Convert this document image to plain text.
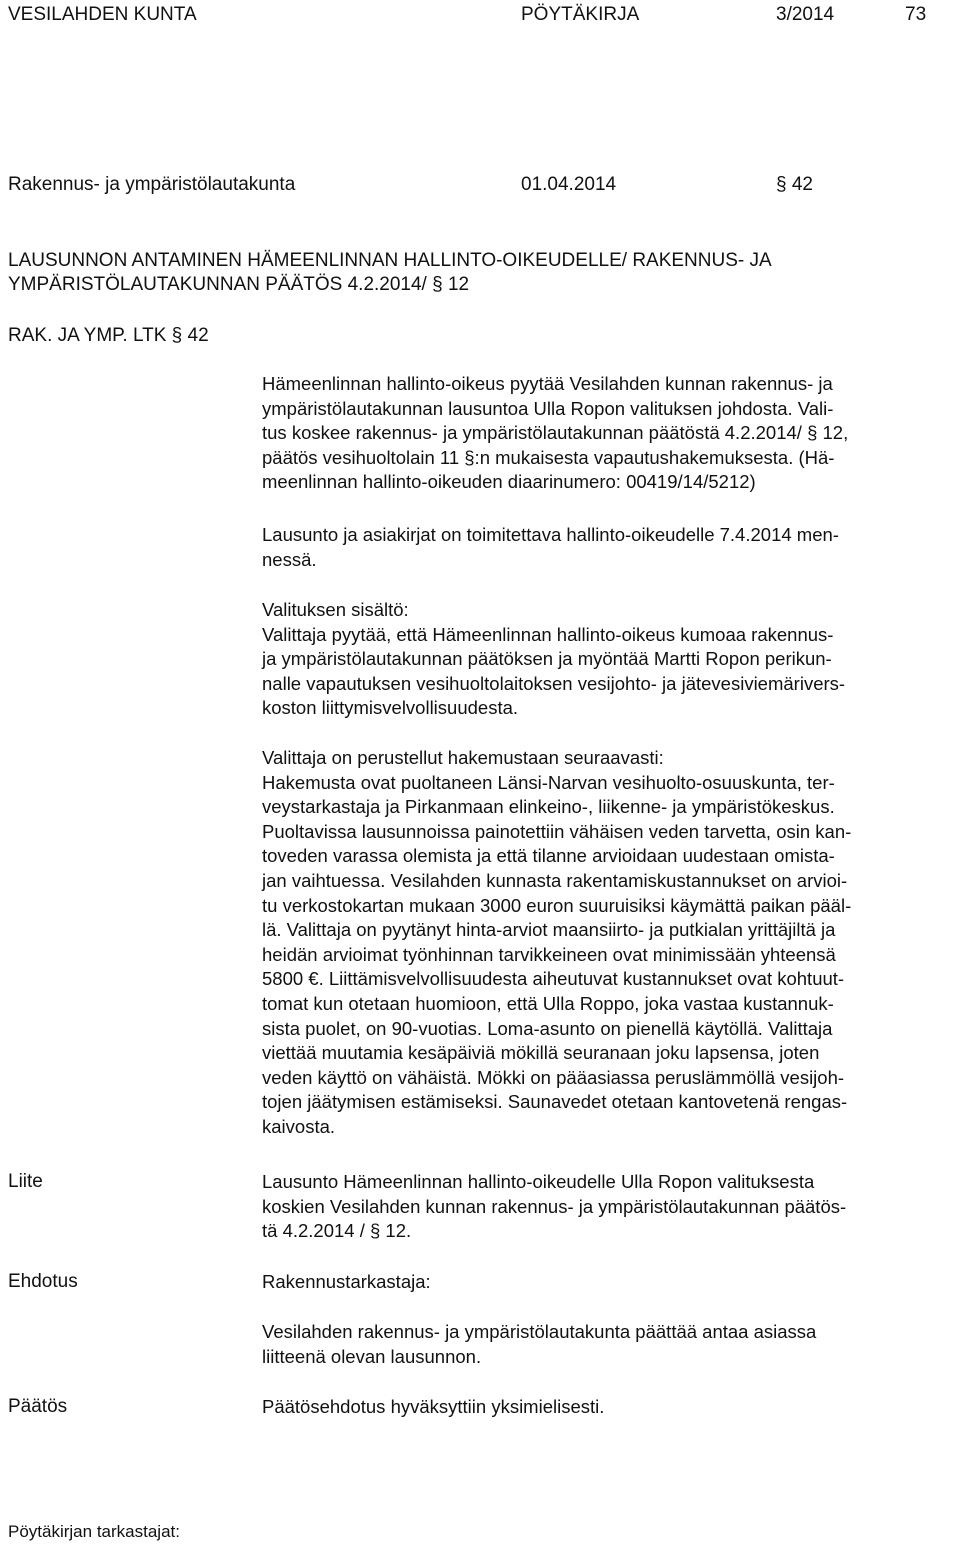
VESILAHDEN KUNTA	PÖYTÄKIRJA	3/2014	73
Rakennus- ja ympäristölautakunta	01.04.2014	§ 42
LAUSUNNON ANTAMINEN HÄMEENLINNAN HALLINTO-OIKEUDELLE/ RAKENNUS- JA
YMPÄRISTÖLAUTAKUNNAN PÄÄTÖS 4.2.2014/ § 12
RAK. JA YMP. LTK § 42

Hämeenlinnan hallinto-oikeus pyytää Vesilahden kunnan rakennus- ja

ympäristölautakunnan lausuntoa Ulla Ropon valituksen johdosta. Vali-

tus koskee rakennus- ja ympäristölautakunnan päätöstä 4.2.2014/ § 12,

päätös vesihuoltolain 11 §:n mukaisesta vapautushakemuksesta. (Hä-

meenlinnan hallinto-oikeuden diaarinumero: 00419/14/5212)

Lausunto ja asiakirjat on toimitettava hallinto-oikeudelle 7.4.2014 men-

nessä.

Valituksen sisältö:

Valittaja pyytää, että Hämeenlinnan hallinto-oikeus kumoaa rakennus-

ja ympäristölautakunnan päätöksen ja myöntää Martti Ropon perikun-

nalle vapautuksen vesihuoltolaitoksen vesijohto- ja jätevesiviemärivers-

koston liittymisvelvollisuudesta.

Valittaja on perustellut hakemustaan seuraavasti:

Hakemusta ovat puoltaneen Länsi-Narvan vesihuolto-osuuskunta, ter-

veystarkastaja ja Pirkanmaan elinkeino-, liikenne- ja ympäristökeskus.

Puoltavissa lausunnoissa painotettiin vähäisen veden tarvetta, osin kan-

toveden varassa olemista ja että tilanne arvioidaan uudestaan omista-

jan vaihtuessa. Vesilahden kunnasta rakentamiskustannukset on arvioi-

tu verkostokartan mukaan 3000 euron suuruisiksi käymättä paikan pääl-

lä. Valittaja on pyytänyt hinta-arviot maansiirto- ja putkialan yrittäjiltä ja

heidän arvioimat työnhinnan tarvikkeineen ovat minimissään yhteensä

5800 €. Liittämisvelvollisuudesta aiheutuvat kustannukset ovat kohtuut-

tomat kun otetaan huomioon, että Ulla Roppo, joka vastaa kustannuk-

sista puolet, on 90-vuotias. Loma-asunto on pienellä käytöllä. Valittaja

viettää muutamia kesäpäiviä mökillä seuranaan joku lapsensa, joten

veden käyttö on vähäistä. Mökki on pääasiassa peruslämmöllä vesijoh-

tojen jäätymisen estämiseksi. Saunavedet otetaan kantovetenä rengas-

kaivosta.

Liite	Lausunto Hämeenlinnan hallinto-oikeudelle Ulla Ropon valituksesta

koskien Vesilahden kunnan rakennus- ja ympäristölautakunnan päätös-

tä 4.2.2014 / § 12.

Ehdotus	Rakennustarkastaja:

Vesilahden rakennus- ja ympäristölautakunta päättää antaa asiassa

liitteenä olevan lausunnon.

Päätös	Päätösehdotus hyväksyttiin yksimielisesti.

Pöytäkirjan tarkastajat:
